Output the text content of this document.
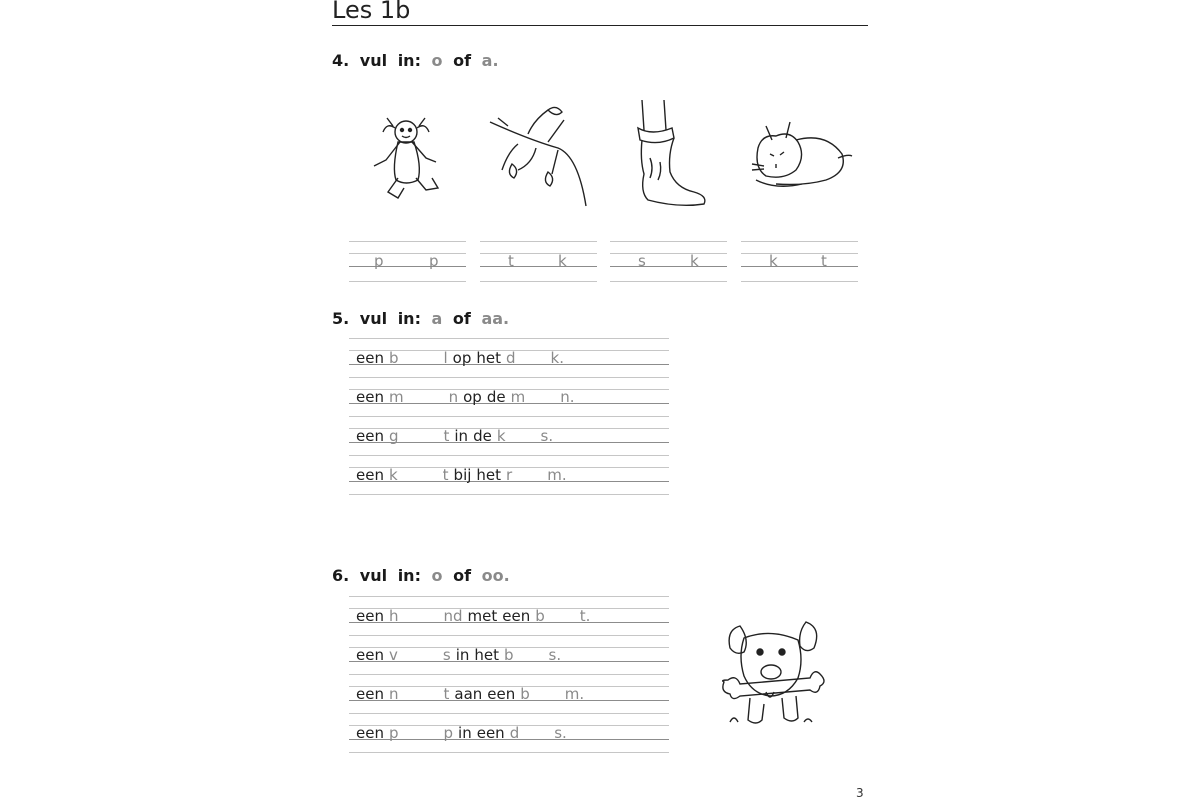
Les 1b
4. vul in: o of a.
p	p	t	k	s	k	k	t
5. vul in: a of aa.
een b	l op het d k.
een m	n op de m n.
een g	t in de k s.
een k	t bij het r m.
6. vul in: o of oo.
een h	nd met een b t.
een v	s in het b s.
een n	t aan een b m.
een p	p in een d s.
3
